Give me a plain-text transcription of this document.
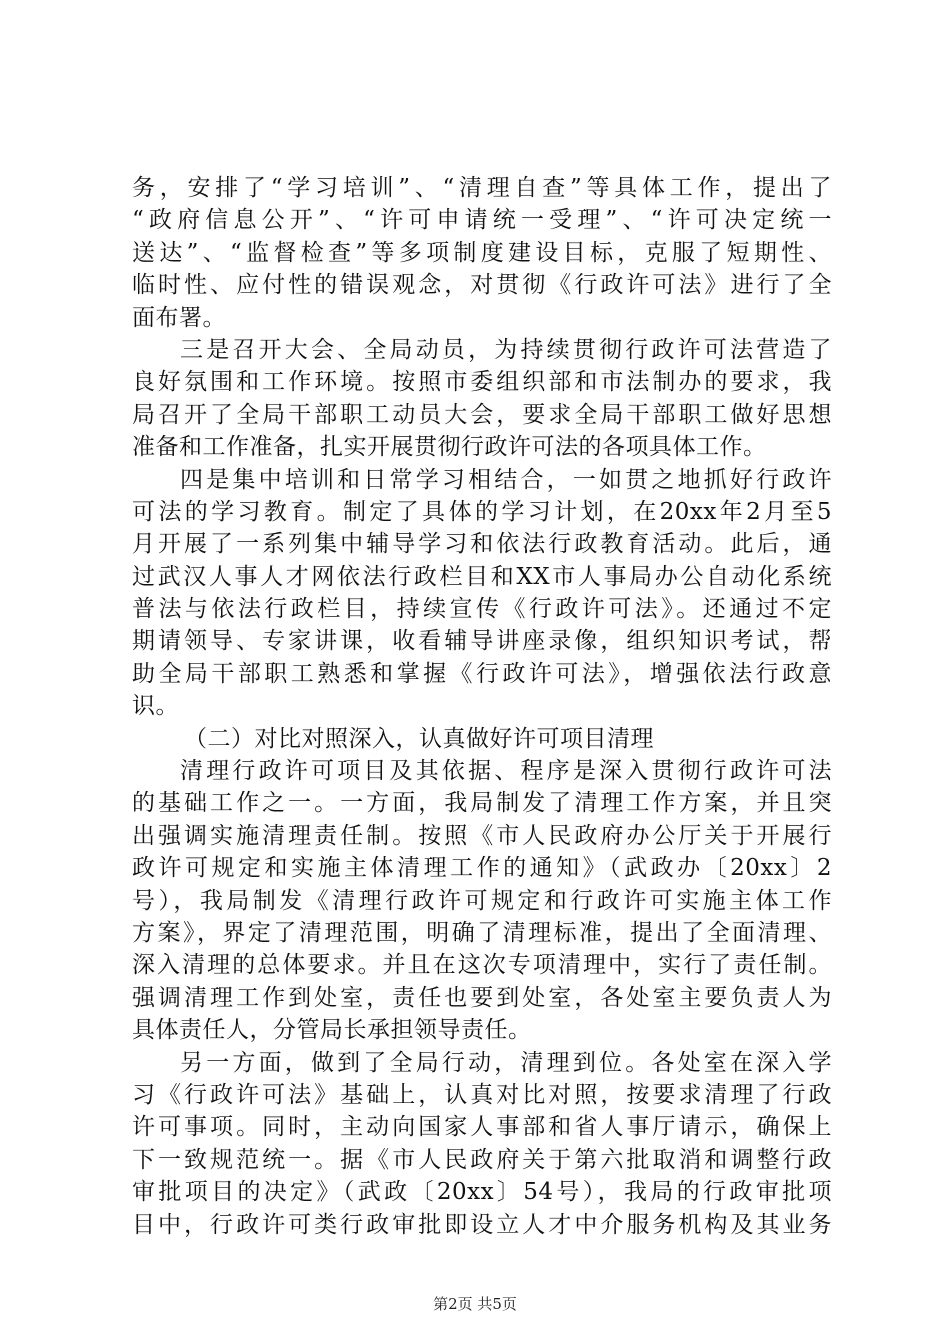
务，安排了“学习培训”、“清理自查”等具体工作，提出了
“政府信息公开”、“许可申请统一受理”、“许可决定统一
送达”、“监督检查”等多项制度建设目标，克服了短期性、
临时性、应付性的错误观念，对贯彻《行政许可法》进行了全
面布署。
三是召开大会、全局动员，为持续贯彻行政许可法营造了
良好氛围和工作环境。按照市委组织部和市法制办的要求，我
局召开了全局干部职工动员大会，要求全局干部职工做好思想
准备和工作准备，扎实开展贯彻行政许可法的各项具体工作。
四是集中培训和日常学习相结合，一如贯之地抓好行政许
可法的学习教育。制定了具体的学习计划，在20xx年2月至5
月开展了一系列集中辅导学习和依法行政教育活动。此后，通
过武汉人事人才网依法行政栏目和XX市人事局办公自动化系统
普法与依法行政栏目，持续宣传《行政许可法》。还通过不定
期请领导、专家讲课，收看辅导讲座录像，组织知识考试，帮
助全局干部职工熟悉和掌握《行政许可法》，增强依法行政意
识。
（二）对比对照深入，认真做好许可项目清理
清理行政许可项目及其依据、程序是深入贯彻行政许可法
的基础工作之一。一方面，我局制发了清理工作方案，并且突
出强调实施清理责任制。按照《市人民政府办公厅关于开展行
政许可规定和实施主体清理工作的通知》（武政办〔20xx〕2
号），我局制发《清理行政许可规定和行政许可实施主体工作
方案》，界定了清理范围，明确了清理标准，提出了全面清理、
深入清理的总体要求。并且在这次专项清理中，实行了责任制。
强调清理工作到处室，责任也要到处室，各处室主要负责人为
具体责任人，分管局长承担领导责任。
另一方面，做到了全局行动，清理到位。各处室在深入学
习《行政许可法》基础上，认真对比对照，按要求清理了行政
许可事项。同时，主动向国家人事部和省人事厅请示，确保上
下一致规范统一。据《市人民政府关于第六批取消和调整行政
审批项目的决定》（武政〔20xx〕54号），我局的行政审批项
目中，行政许可类行政审批即设立人才中介服务机构及其业务
第2页 共5页
